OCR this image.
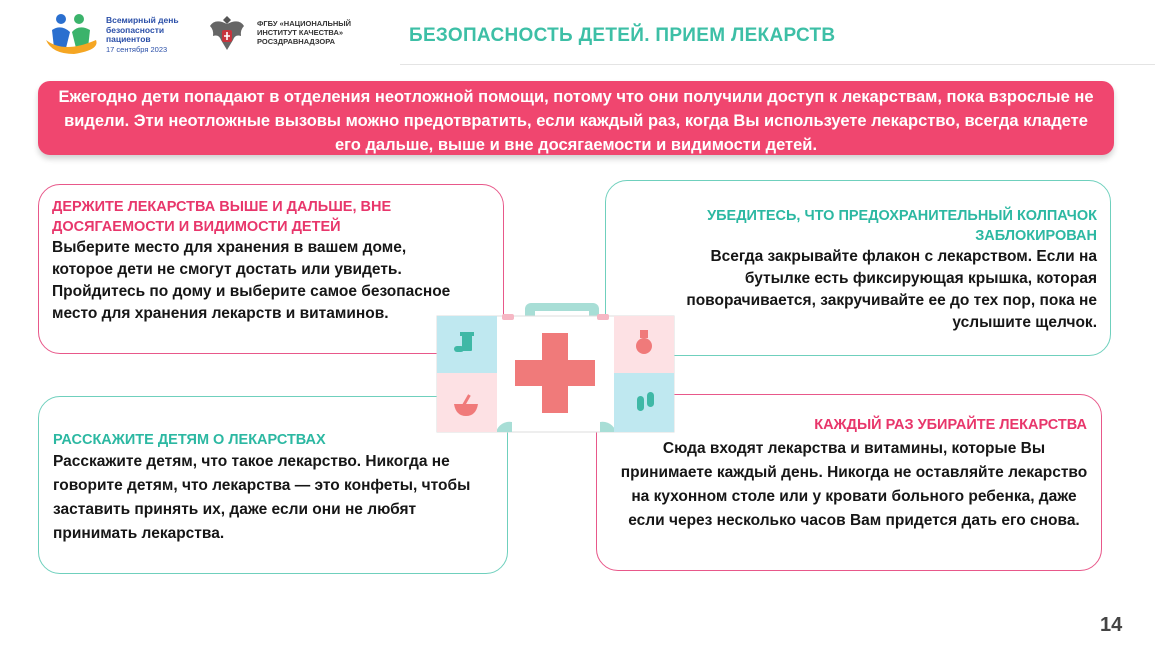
Всемирный день
безопасности
пациентов
17 сентября 2023
ФГБУ «НАЦИОНАЛЬНЫЙ
ИНСТИТУТ КАЧЕСТВА»
РОСЗДРАВНАДЗОРА	БЕЗОПАСНОСТЬ ДЕТЕЙ. ПРИЕМ ЛЕКАРСТВ
Ежегодно дети попадают в отделения неотложной помощи, потому что они получили доступ к лекарствам, пока взрослые не видели. Эти неотложные вызовы можно предотвратить, если каждый раз, когда Вы используете лекарство, всегда кладете его дальше, выше и вне досягаемости и видимости детей.
ДЕРЖИТЕ ЛЕКАРСТВА ВЫШЕ И ДАЛЬШЕ, ВНЕ ДОСЯГАЕМОСТИ И ВИДИМОСТИ ДЕТЕЙ
Выберите место для хранения в вашем доме, которое дети не смогут достать или увидеть. Пройдитесь по дому и выберите самое безопасное место для хранения лекарств и витаминов.
УБЕДИТЕСЬ, ЧТО ПРЕДОХРАНИТЕЛЬНЫЙ КОЛПАЧОК ЗАБЛОКИРОВАН
Всегда закрывайте флакон с лекарством. Если на бутылке есть фиксирующая крышка, которая поворачивается, закручивайте ее до тех пор, пока не услышите щелчок.
РАССКАЖИТЕ ДЕТЯМ О ЛЕКАРСТВАХ
Расскажите детям, что такое лекарство. Никогда не говорите детям, что лекарства — это конфеты, чтобы заставить принять их, даже если они не любят принимать лекарства.
КАЖДЫЙ РАЗ УБИРАЙТЕ ЛЕКАРСТВА
Сюда входят лекарства и витамины, которые Вы принимаете каждый день. Никогда не оставляйте лекарство на кухонном столе или у кровати больного ребенка, даже если через несколько часов Вам придется дать его снова.
14
